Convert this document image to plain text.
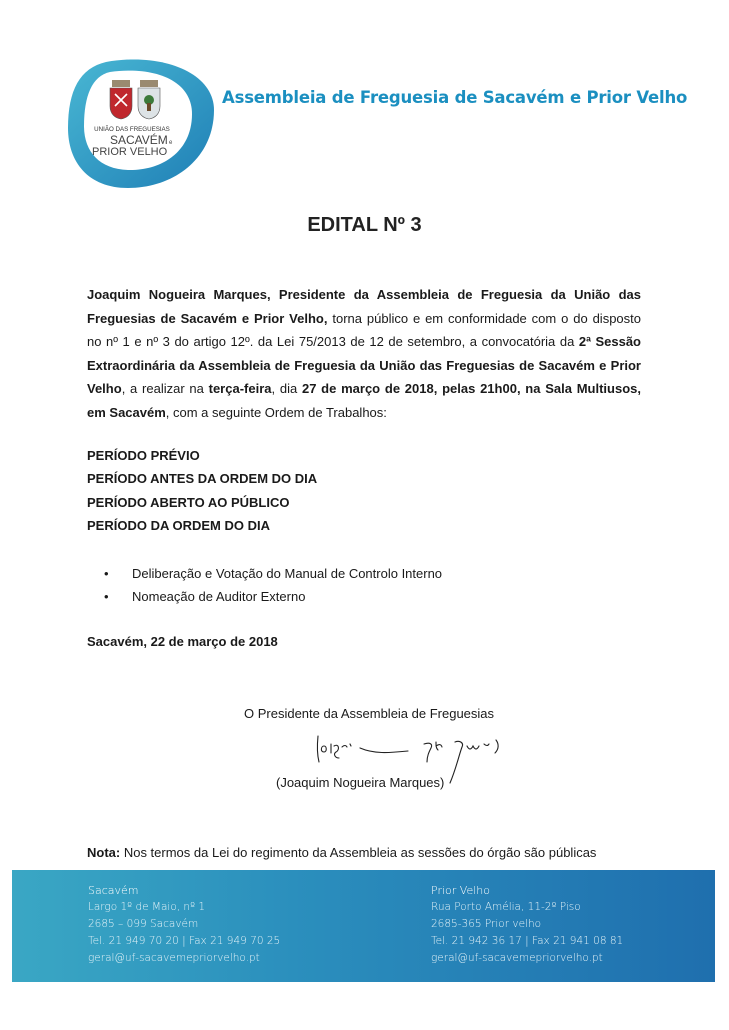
UNIÃO DAS FREGUESIAS
SACAVÉM e
PRIOR VELHO
Assembleia de Freguesia de Sacavém e Prior Velho
EDITAL Nº 3
Joaquim Nogueira Marques, Presidente da Assembleia de Freguesia da União das Freguesias de Sacavém e Prior Velho, torna público e em conformidade com o do disposto no nº 1 e nº 3 do artigo 12º. da Lei 75/2013 de 12 de setembro, a convocatória da 2ª Sessão Extraordinária da Assembleia de Freguesia da União das Freguesias de Sacavém e Prior Velho, a realizar na terça-feira, dia 27 de março de 2018, pelas 21h00, na Sala Multiusos, em Sacavém, com a seguinte Ordem de Trabalhos:
PERÍODO PRÉVIO
PERÍODO ANTES DA ORDEM DO DIA
PERÍODO ABERTO AO PÚBLICO
PERÍODO DA ORDEM DO DIA
• Deliberação e Votação do Manual de Controlo Interno
• Nomeação de Auditor Externo
Sacavém, 22 de março de 2018
O Presidente da Assembleia de Freguesias
(Joaquim Nogueira Marques)
Nota: Nos termos da Lei do regimento da Assembleia as sessões do órgão são públicas
Sacavém
Largo 1º de Maio, nº 1
2685 – 099 Sacavém
Tel. 21 949 70 20 | Fax 21 949 70 25
geral@uf-sacavemepriorvelho.pt
Prior Velho
Rua Porto Amélia, 11-2º Piso
2685-365 Prior velho
Tel. 21 942 36 17 | Fax 21 941 08 81
geral@uf-sacavemepriorvelho.pt
